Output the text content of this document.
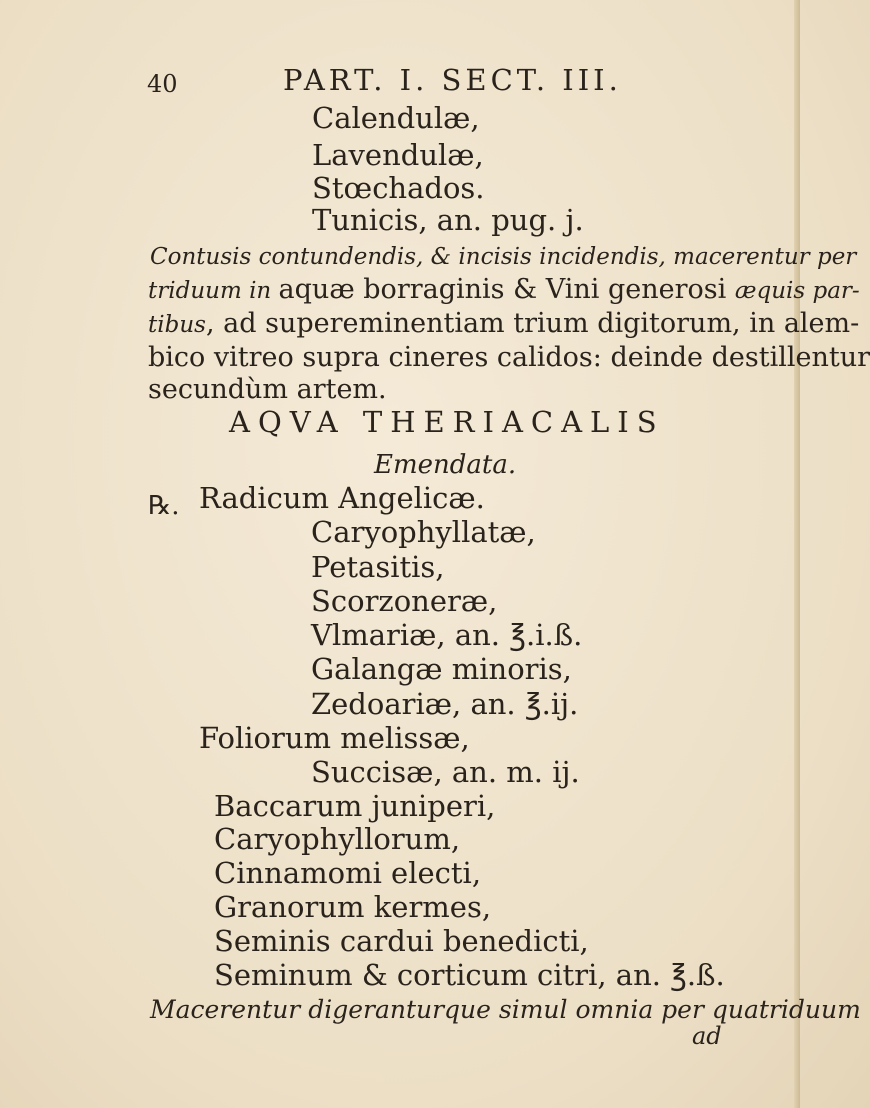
40	PART. I. SECT. III.
Calendulæ,
Lavendulæ,
Stœchados.
Tunicis, an. pug. j.
Contusis contundendis, & incisis incidendis, macerentur per
triduum in aquæ borraginis & Vini generosi æquis par-
tibus, ad supereminentiam trium digitorum, in alem-
bico vitreo supra cineres calidos: deinde destillentur
secundùm artem.
AQVA THERIACALIS
Emendata.
℞. Radicum Angelicæ.
Caryophyllatæ,
Petasitis,
Scorzoneræ,
Vlmariæ, an. ℥.i.ß.
Galangæ minoris,
Zedoariæ, an. ℥.ij.
Foliorum melissæ,
Succisæ, an. m. ij.
Baccarum juniperi,
Caryophyllorum,
Cinnamomi electi,
Granorum kermes,
Seminis cardui benedicti,
Seminum & corticum citri, an. ℥.ß.
Macerentur digeranturque simul omnia per quatriduum
ad
